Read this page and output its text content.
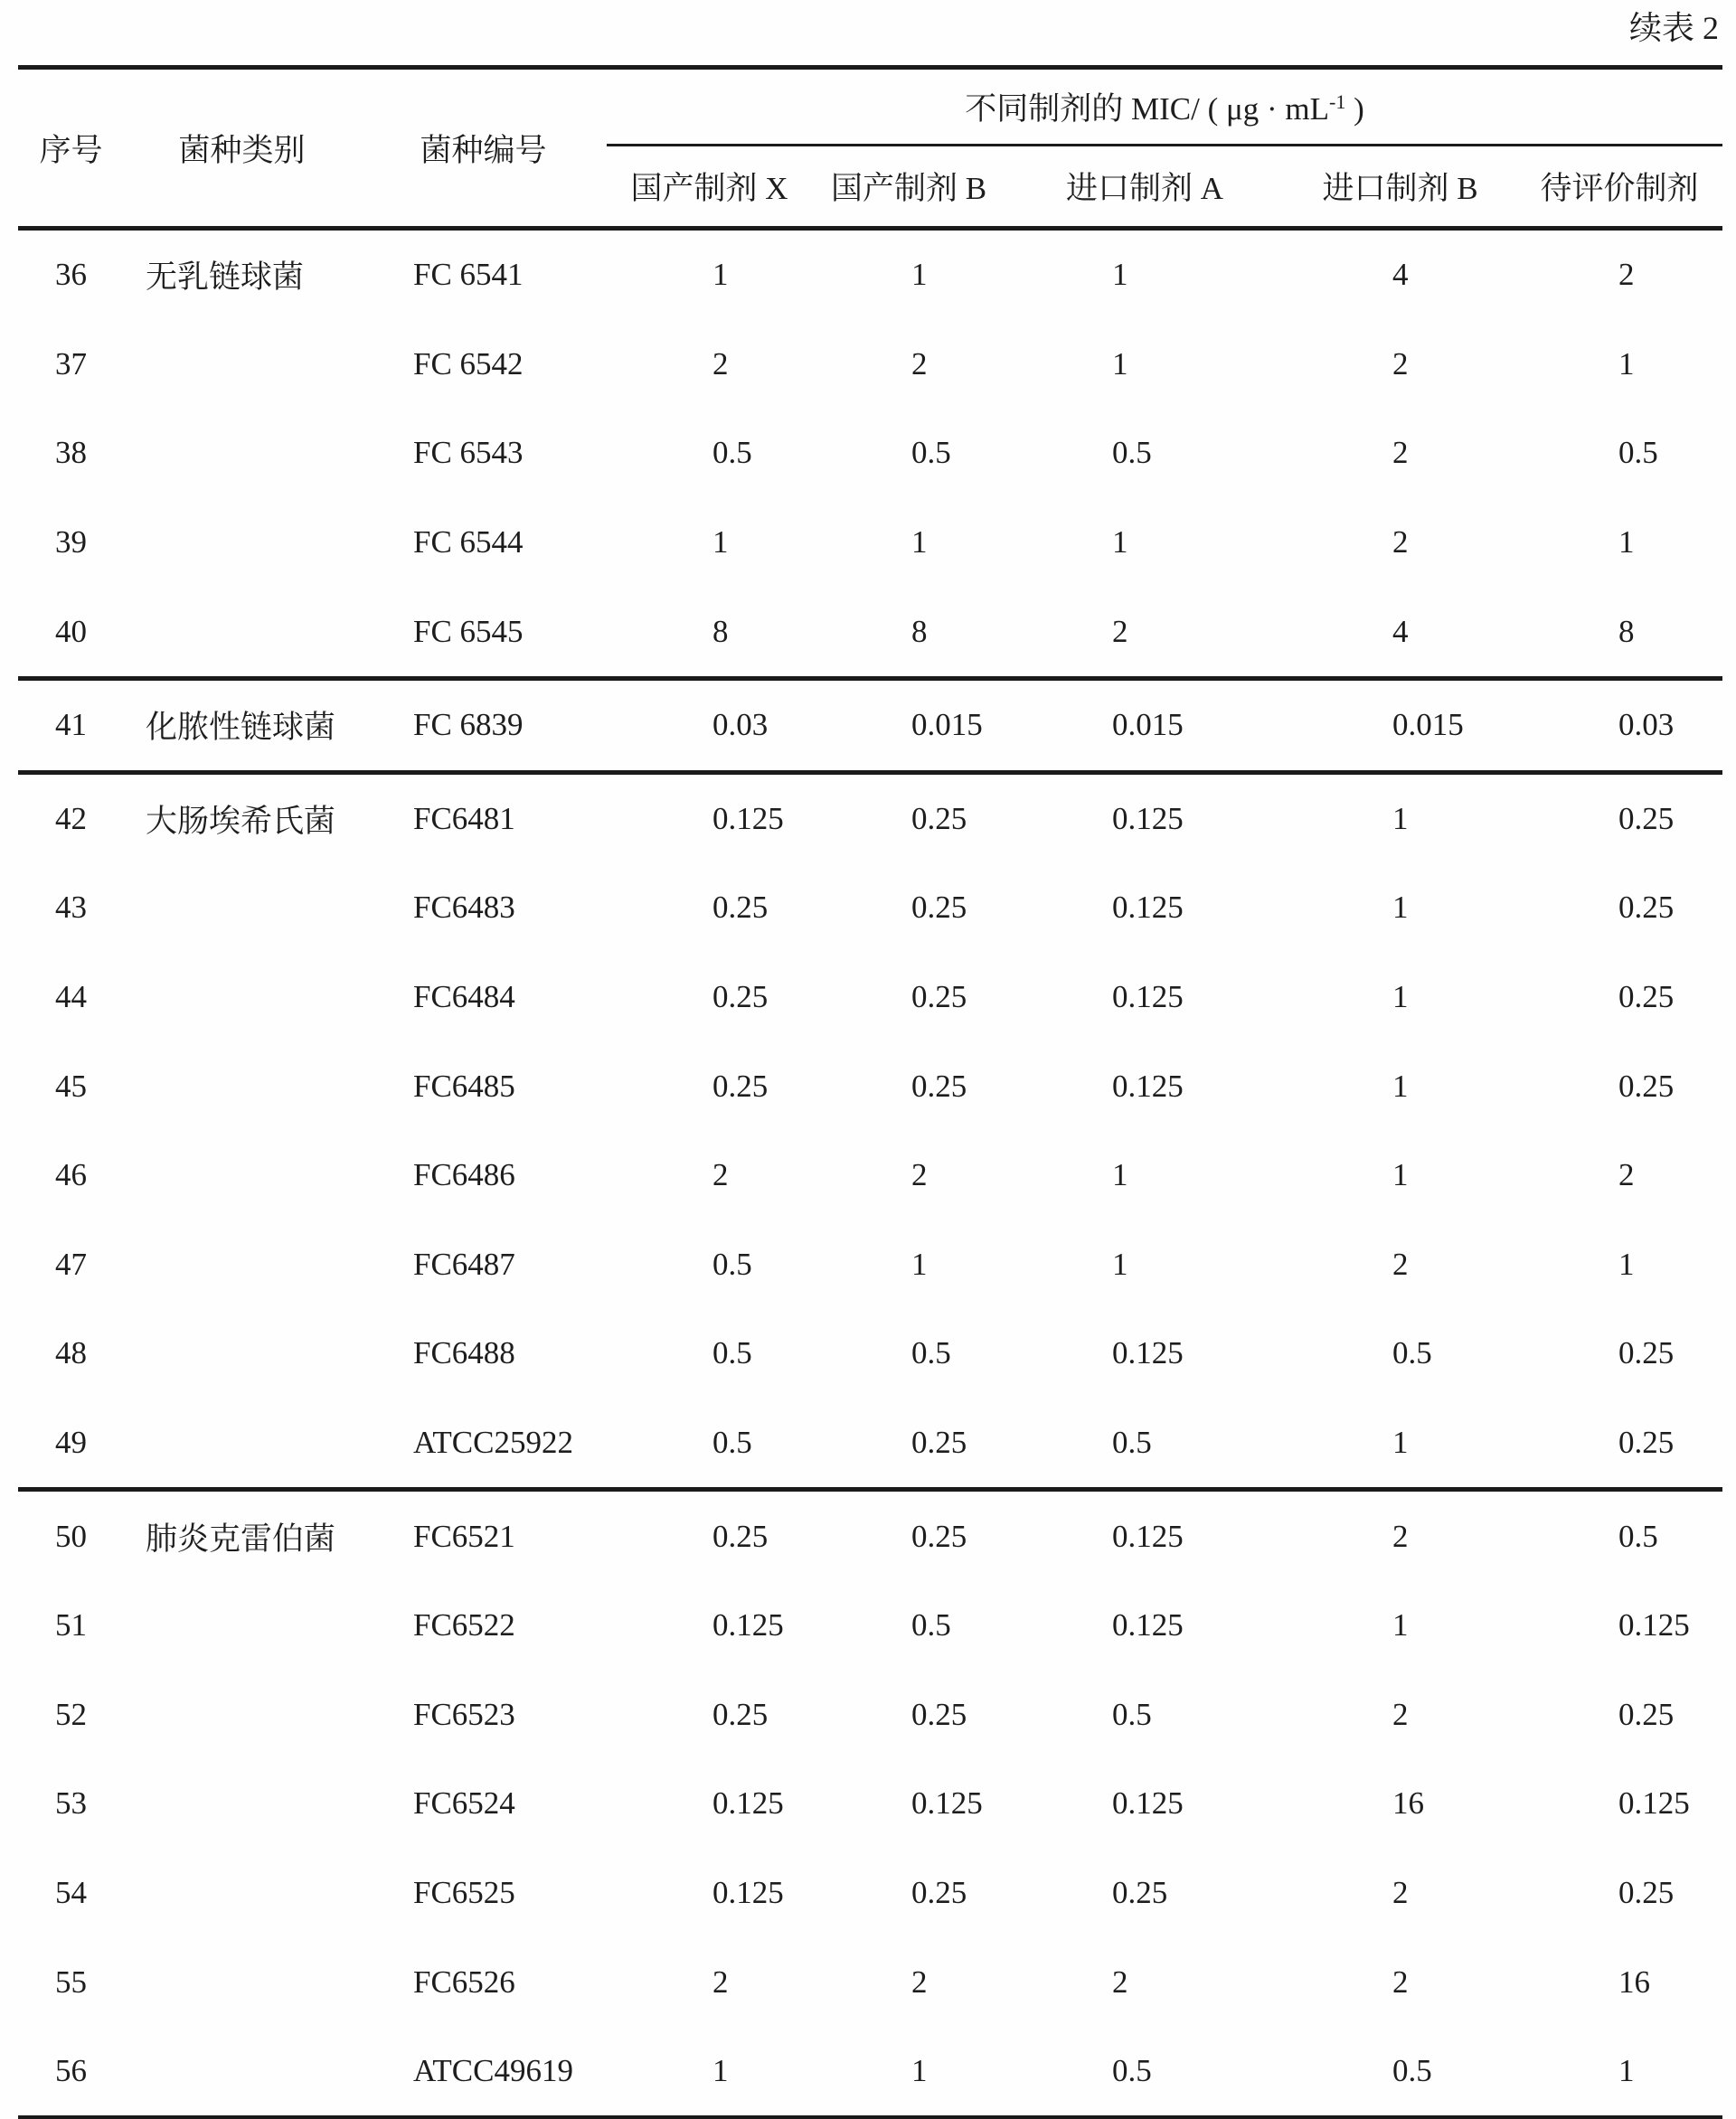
续表 2
序号	菌种类别	菌种编号	不同制剂的 MIC/ ( $\mu g \cdot mL^{-1}$ )				
			国产制剂 X	国产制剂 B	进口制剂 A	进口制剂 B	待评价制剂
36	无乳链球菌	FC 6541	1	1	1	4	2
37		FC 6542	2	2	1	2	1
38		FC 6543	0.5	0.5	0.5	2	0.5
39		FC 6544	1	1	1	2	1
40		FC 6545	8	8	2	4	8
41	化脓性链球菌	FC 6839	0.03	0.015	0.015	0.015	0.03
42	大肠埃希氏菌	FC6481	0.125	0.25	0.125	1	0.25
43		FC6483	0.25	0.25	0.125	1	0.25
44		FC6484	0.25	0.25	0.125	1	0.25
45		FC6485	0.25	0.25	0.125	1	0.25
46		FC6486	2	2	1	1	2
47		FC6487	0.5	1	1	2	1
48		FC6488	0.5	0.5	0.125	0.5	0.25
49		ATCC25922	0.5	0.25	0.5	1	0.25
50	肺炎克雷伯菌	FC6521	0.25	0.25	0.125	2	0.5
51		FC6522	0.125	0.5	0.125	1	0.125
52		FC6523	0.25	0.25	0.5	2	0.25
53		FC6524	0.125	0.125	0.125	16	0.125
54		FC6525	0.125	0.25	0.25	2	0.25
55		FC6526	2	2	2	2	16
56		ATCC49619	1	1	0.5	0.5	1
